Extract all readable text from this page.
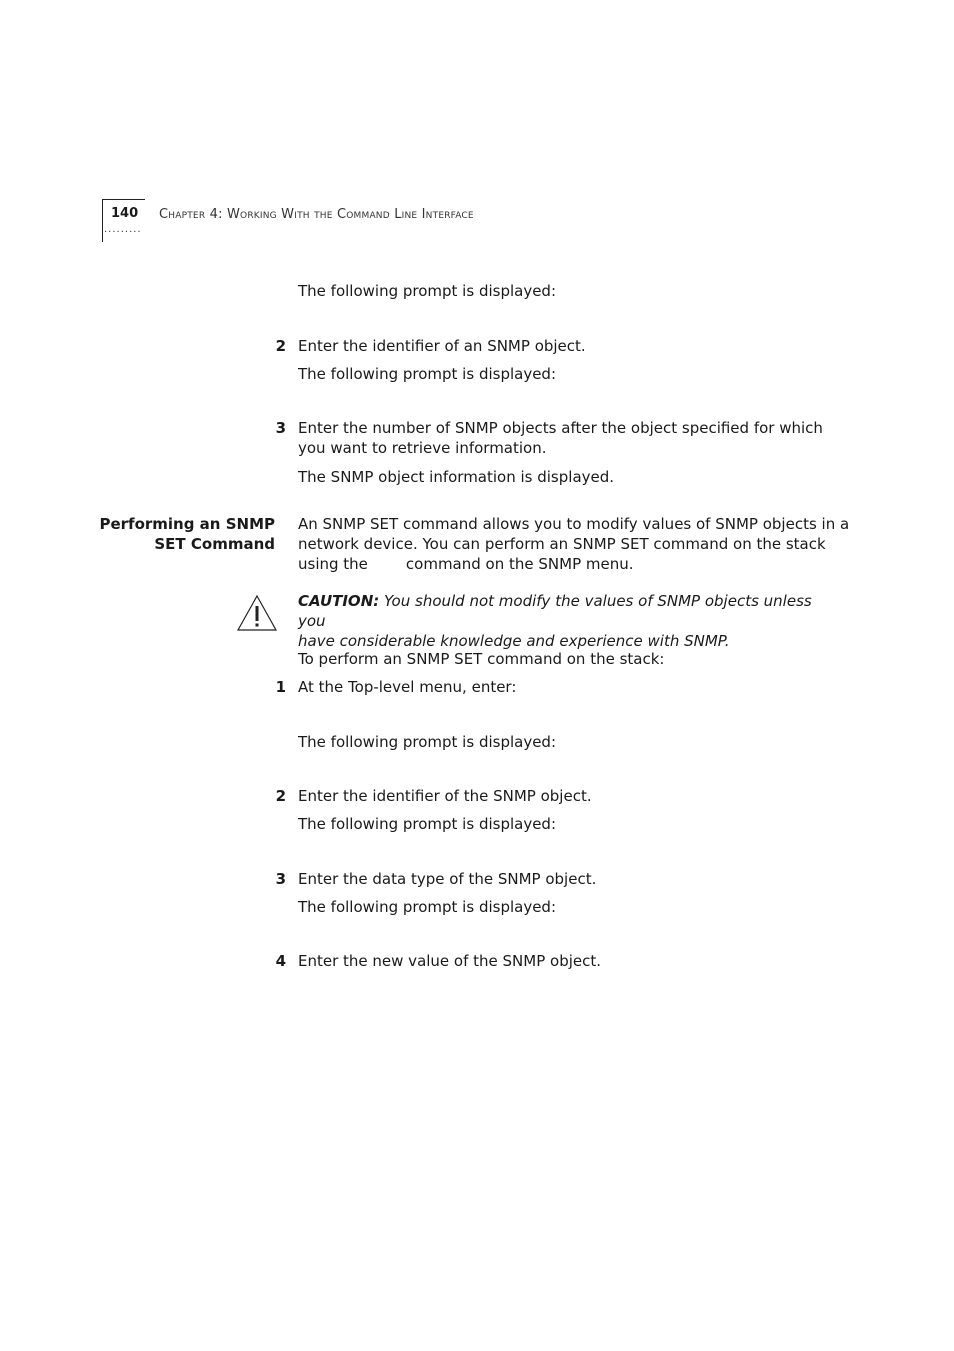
140
·········
Chapter 4: Working With the Command Line Interface
The following prompt is displayed:
2 Enter the identifier of an SNMP object.
The following prompt is displayed:
3 Enter the number of SNMP objects after the object specified for which
you want to retrieve information.
The SNMP object information is displayed.
Performing an SNMP
SET Command
An SNMP SET command allows you to modify values of SNMP objects in a
network device. You can perform an SNMP SET command on the stack
using the	command on the SNMP menu.
CAUTION: You should not modify the values of SNMP objects unless you
have considerable knowledge and experience with SNMP.
To perform an SNMP SET command on the stack:
1 At the Top-level menu, enter:
The following prompt is displayed:
2 Enter the identifier of the SNMP object.
The following prompt is displayed:
3 Enter the data type of the SNMP object.
The following prompt is displayed:
4 Enter the new value of the SNMP object.
